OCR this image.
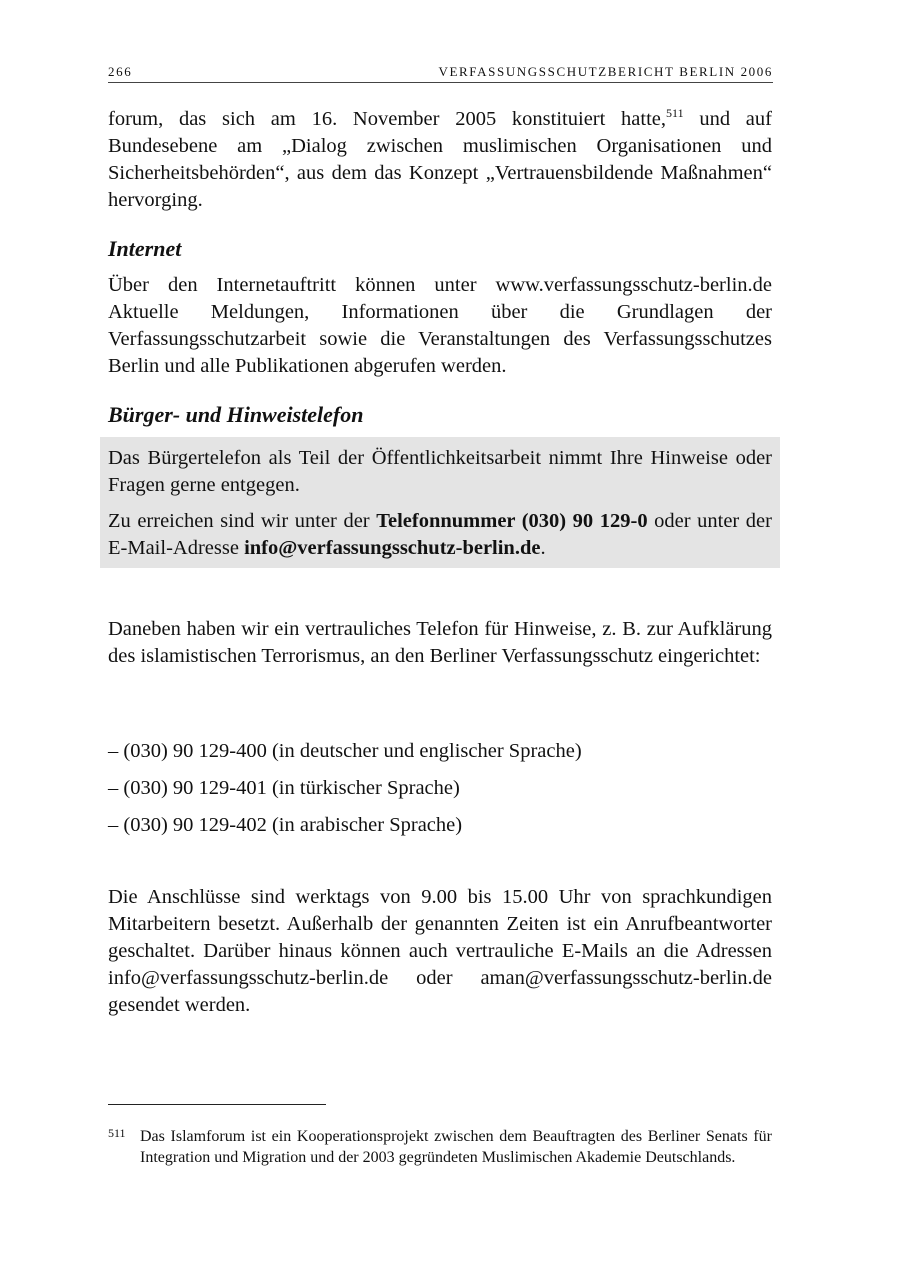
266	VERFASSUNGSSCHUTZBERICHT BERLIN 2006
forum, das sich am 16. November 2005 konstituiert hatte,$^{511}$ und auf Bundesebene am „Dialog zwischen muslimischen Organisationen und Sicherheitsbehörden“, aus dem das Konzept „Vertrauensbildende Maßnahmen“ hervorging.
Internet
Über den Internetauftritt können unter www.verfassungsschutz-berlin.de Aktuelle Meldungen, Informationen über die Grundlagen der Verfassungsschutzarbeit sowie die Veranstaltungen des Verfassungsschutzes Berlin und alle Publikationen abgerufen werden.
Bürger- und Hinweistelefon
Das Bürgertelefon als Teil der Öffentlichkeitsarbeit nimmt Ihre Hinweise oder Fragen gerne entgegen.
Zu erreichen sind wir unter der Telefonnummer (030) 90 129-0 oder unter der E-Mail-Adresse info@verfassungsschutz-berlin.de.
Daneben haben wir ein vertrauliches Telefon für Hinweise, z. B. zur Aufklärung des islamistischen Terrorismus, an den Berliner Verfassungsschutz eingerichtet:
– (030) 90 129-400 (in deutscher und englischer Sprache)
– (030) 90 129-401 (in türkischer Sprache)
– (030) 90 129-402 (in arabischer Sprache)
Die Anschlüsse sind werktags von 9.00 bis 15.00 Uhr von sprachkundigen Mitarbeitern besetzt. Außerhalb der genannten Zeiten ist ein Anrufbeantworter geschaltet. Darüber hinaus können auch vertrauliche E-Mails an die Adressen info@verfassungsschutz-berlin.de oder aman@verfassungsschutz-berlin.de gesendet werden.
511 Das Islamforum ist ein Kooperationsprojekt zwischen dem Beauftragten des Berliner Senats für Integration und Migration und der 2003 gegründeten Muslimischen Akademie Deutschlands.
